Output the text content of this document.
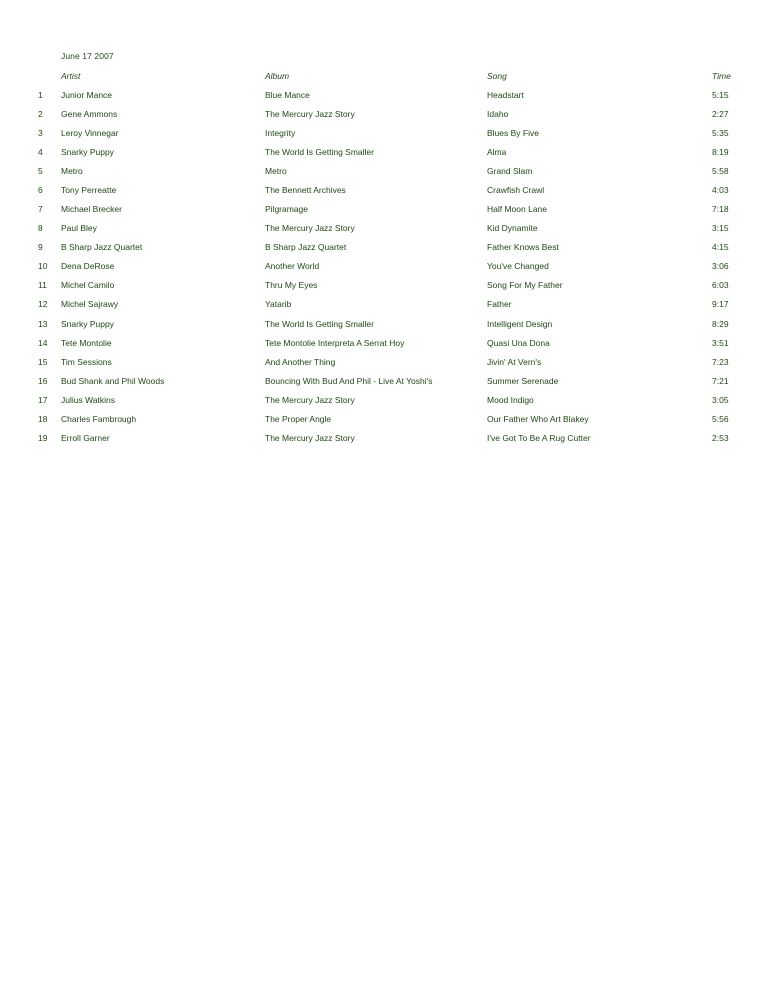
June 17 2007
Artist	Album	Song	Time
1 Junior Mance	Blue Mance	Headstart	5:15
2 Gene Ammons	The Mercury Jazz Story	Idaho	2:27
3 Leroy Vinnegar	Integrity	Blues By Five	5:35
4 Snarky Puppy	The World Is Getting Smaller	Alma	8:19
5 Metro	Metro	Grand Slam	5:58
6 Tony Perreatte	The Bennett Archives	Crawfish Crawl	4:03
7 Michael Brecker	Pilgramage	Half Moon Lane	7:18
8 Paul Bley	The Mercury Jazz Story	Kid Dynamite	3:15
9 B Sharp Jazz Quartet	B Sharp Jazz Quartet	Father Knows Best	4:15
10 Dena DeRose	Another World	You've Changed	3:06
11 Michel Camilo	Thru My Eyes	Song For My Father	6:03
12 Michel Sajrawy	Yatarib	Father	9:17
13 Snarky Puppy	The World Is Getting Smaller	Intelligent Design	8:29
14 Tete Montolie	Tete Montolie Interpreta A Serrat Hoy	Quasi Una Dona	3:51
15 Tim Sessions	And Another Thing	Jivin' At Vern's	7:23
16 Bud Shank and Phil Woods	Bouncing With Bud And Phil - Live At Yoshi's	Summer Serenade	7:21
17 Julius Watkins	The Mercury Jazz Story	Mood Indigo	3:05
18 Charles Fambrough	The Proper Angle	Our Father Who Art Blakey	5:56
19 Erroll Garner	The Mercury Jazz Story	I've Got To Be A Rug Cutter	2:53
